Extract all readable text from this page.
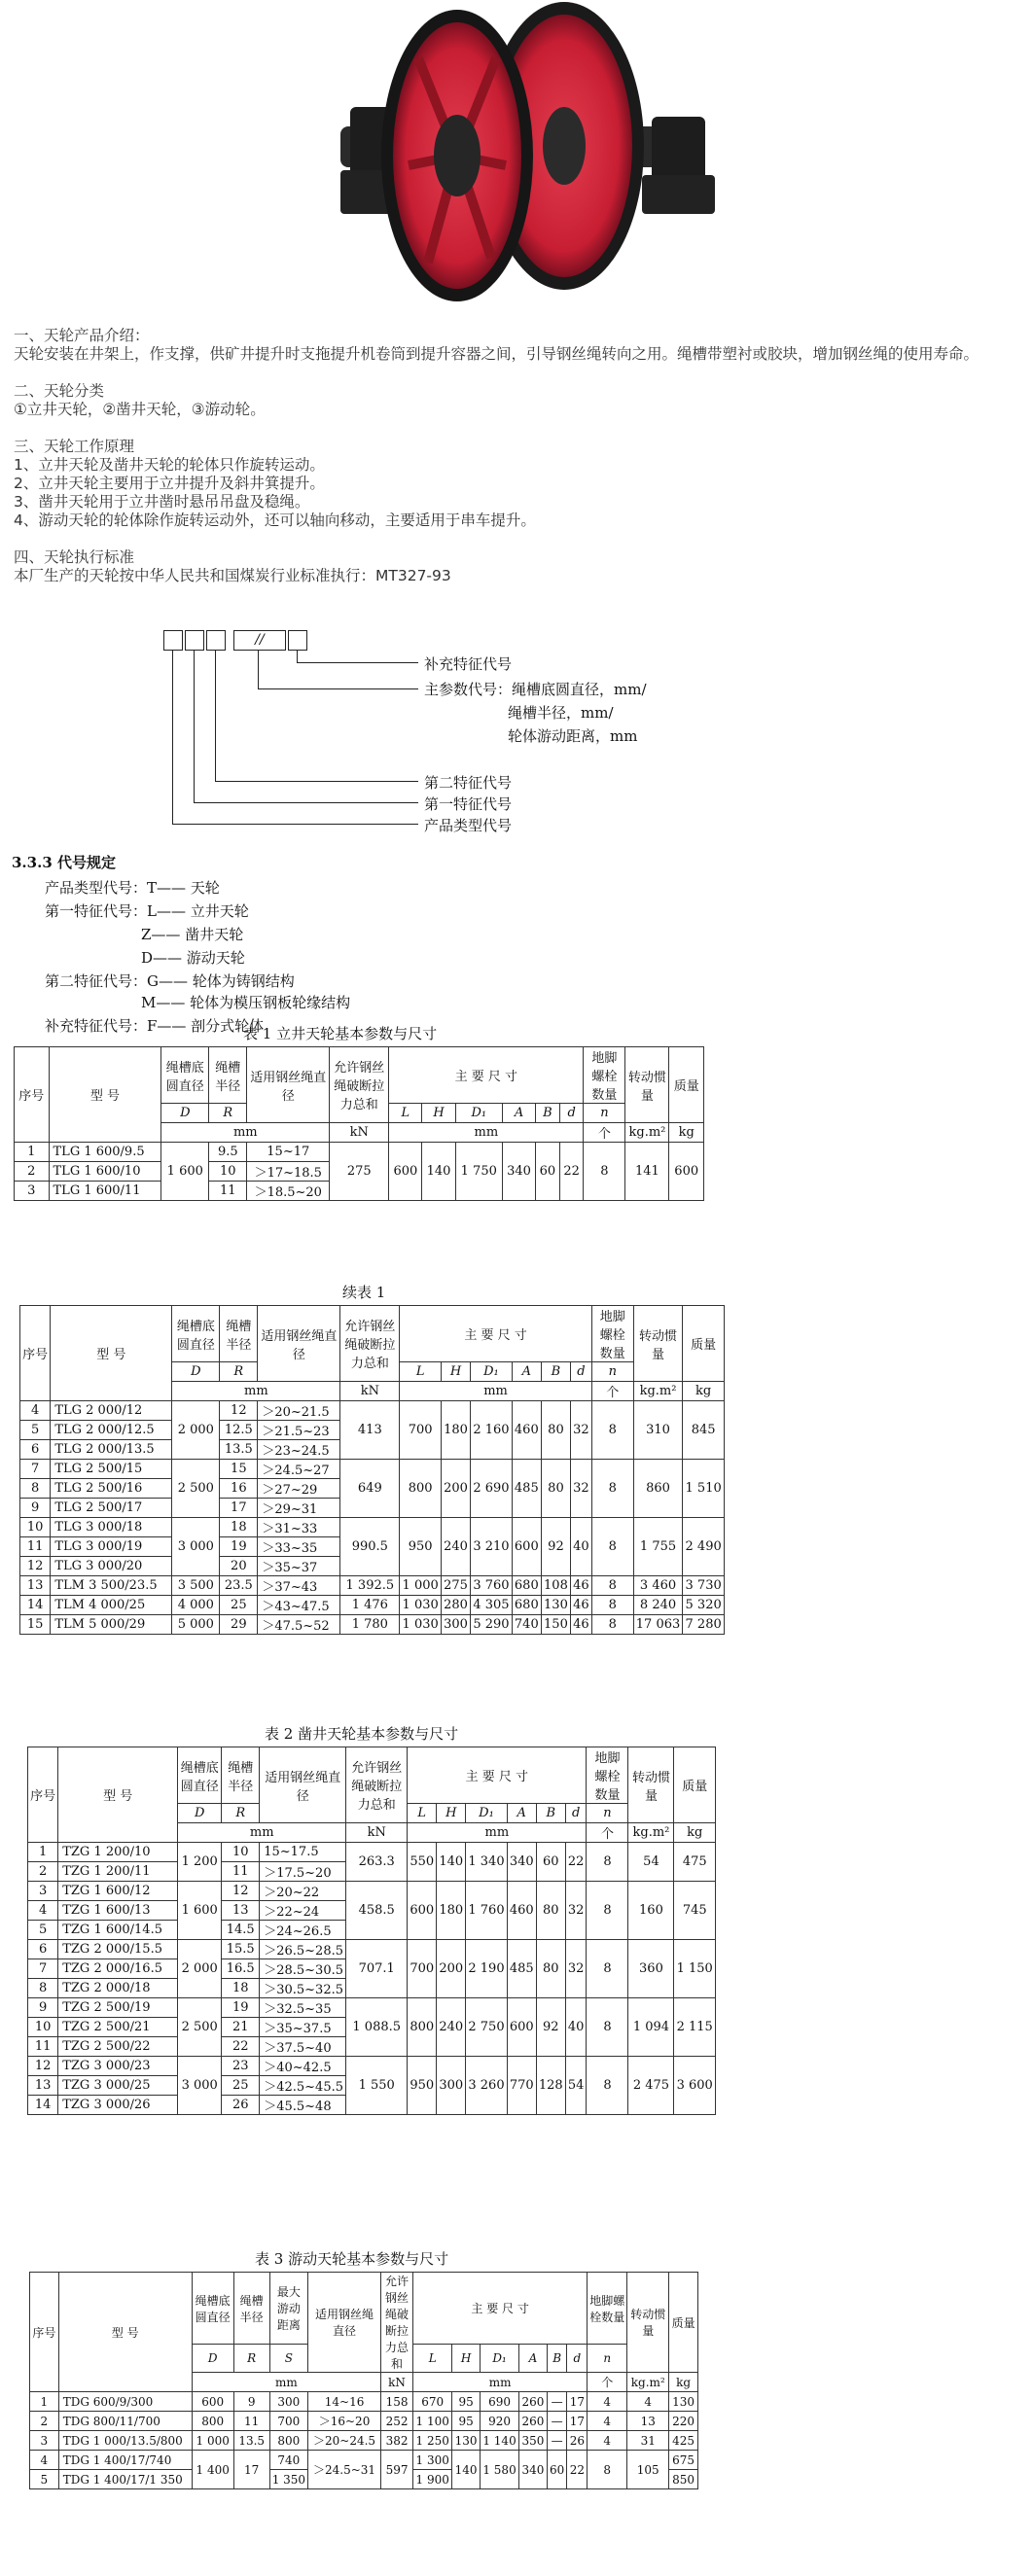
一、天轮产品介绍：

天轮安装在井架上，作支撑，供矿井提升时支拖提升机卷筒到提升容器之间，引导钢丝绳转向之用。绳槽带塑衬或胶块，增加钢丝绳的使用寿命。

二、天轮分类

①立井天轮，②凿井天轮，③游动轮。

三、天轮工作原理

1、立井天轮及凿井天轮的轮体只作旋转运动。

2、立井天轮主要用于立井提升及斜井箕提升。

3、凿井天轮用于立井凿时悬吊吊盘及稳绳。

4、游动天轮的轮体除作旋转运动外，还可以轴向移动，主要适用于串车提升。

四、天轮执行标准

本厂生产的天轮按中华人民共和国煤炭行业标准执行：MT327-93

//
补充特征代号
主参数代号：绳槽底圆直径，mm/
绳槽半径，mm/
轮体游动距离，mm
第二特征代号
第一特征代号
产品类型代号
3.3.3 代号规定
产品类型代号：T—— 天轮
第一特征代号：L—— 立井天轮
Z—— 凿井天轮
D—— 游动天轮
第二特征代号：G—— 轮体为铸钢结构
M—— 轮体为模压钢板轮缘结构
补充特征代号：F—— 剖分式轮体
表 1 立井天轮基本参数与尺寸
序号	型 号	绳槽底圆直径	绳槽半径	适用钢丝绳直径	允许钢丝绳破断拉力总和	主 要 尺 寸						地脚螺栓数量	转动惯量	质量
		D	R			L	H	D₁	A	B	d	n		
		mm			kN	mm						个	kg.m²	kg
1	TLG 1 600/9.5	1 600	9.5	15~17	275	600	140	1 750	340	60	22	8	141	600
2	TLG 1 600/10		10	＞17~18.5										
3	TLG 1 600/11		11	＞18.5~20										
续表 1
序号	型 号	绳槽底圆直径	绳槽半径	适用钢丝绳直径	允许钢丝绳破断拉力总和	主 要 尺 寸						地脚螺栓数量	转动惯量	质量
		D	R			L	H	D₁	A	B	d	n		
		mm			kN	mm						个	kg.m²	kg
4	TLG 2 000/12	2 000	12	＞20~21.5	413	700	180	2 160	460	80	32	8	310	845
5	TLG 2 000/12.5		12.5	＞21.5~23										
6	TLG 2 000/13.5		13.5	＞23~24.5										
7	TLG 2 500/15	2 500	15	＞24.5~27	649	800	200	2 690	485	80	32	8	860	1 510
8	TLG 2 500/16		16	＞27~29										
9	TLG 2 500/17		17	＞29~31										
10	TLG 3 000/18	3 000	18	＞31~33	990.5	950	240	3 210	600	92	40	8	1 755	2 490
11	TLG 3 000/19		19	＞33~35										
12	TLG 3 000/20		20	＞35~37										
13	TLM 3 500/23.5	3 500	23.5	＞37~43	1 392.5	1 000	275	3 760	680	108	46	8	3 460	3 730
14	TLM 4 000/25	4 000	25	＞43~47.5	1 476	1 030	280	4 305	680	130	46	8	8 240	5 320
15	TLM 5 000/29	5 000	29	＞47.5~52	1 780	1 030	300	5 290	740	150	46	8	17 063	7 280
表 2 凿井天轮基本参数与尺寸
序号	型 号	绳槽底圆直径	绳槽半径	适用钢丝绳直径	允许钢丝绳破断拉力总和	主 要 尺 寸						地脚螺栓数量	转动惯量	质量
		D	R			L	H	D₁	A	B	d	n		
		mm			kN	mm						个	kg.m²	kg
1	TZG 1 200/10	1 200	10	15~17.5	263.3	550	140	1 340	340	60	22	8	54	475
2	TZG 1 200/11		11	＞17.5~20										
3	TZG 1 600/12	1 600	12	＞20~22	458.5	600	180	1 760	460	80	32	8	160	745
4	TZG 1 600/13		13	＞22~24										
5	TZG 1 600/14.5		14.5	＞24~26.5										
6	TZG 2 000/15.5	2 000	15.5	＞26.5~28.5	707.1	700	200	2 190	485	80	32	8	360	1 150
7	TZG 2 000/16.5		16.5	＞28.5~30.5										
8	TZG 2 000/18		18	＞30.5~32.5										
9	TZG 2 500/19	2 500	19	＞32.5~35	1 088.5	800	240	2 750	600	92	40	8	1 094	2 115
10	TZG 2 500/21		21	＞35~37.5										
11	TZG 2 500/22		22	＞37.5~40										
12	TZG 3 000/23	3 000	23	＞40~42.5	1 550	950	300	3 260	770	128	54	8	2 475	3 600
13	TZG 3 000/25		25	＞42.5~45.5										
14	TZG 3 000/26		26	＞45.5~48										
表 3 游动天轮基本参数与尺寸
序号	型 号	绳槽底圆直径	绳槽半径	最大游动距离	适用钢丝绳直径	允许钢丝绳破断拉力总和	主 要 尺 寸						地脚螺栓数量	转动惯量	质量
		D	R	S			L	H	D₁	A	B	d	n		
		mm				kN	mm						个	kg.m²	kg
1	TDG 600/9/300	600	9	300	14~16	158	670	95	690	260	—	17	4	4	130
2	TDG 800/11/700	800	11	700	＞16~20	252	1 100	95	920	260	—	17	4	13	220
3	TDG 1 000/13.5/800	1 000	13.5	800	＞20~24.5	382	1 250	130	1 140	350	—	26	4	31	425
4	TDG 1 400/17/740	1 400	17	740	＞24.5~31	597	1 300	140	1 580	340	60	22	8	105	675
5	TDG 1 400/17/1 350			1 350			1 900								850
